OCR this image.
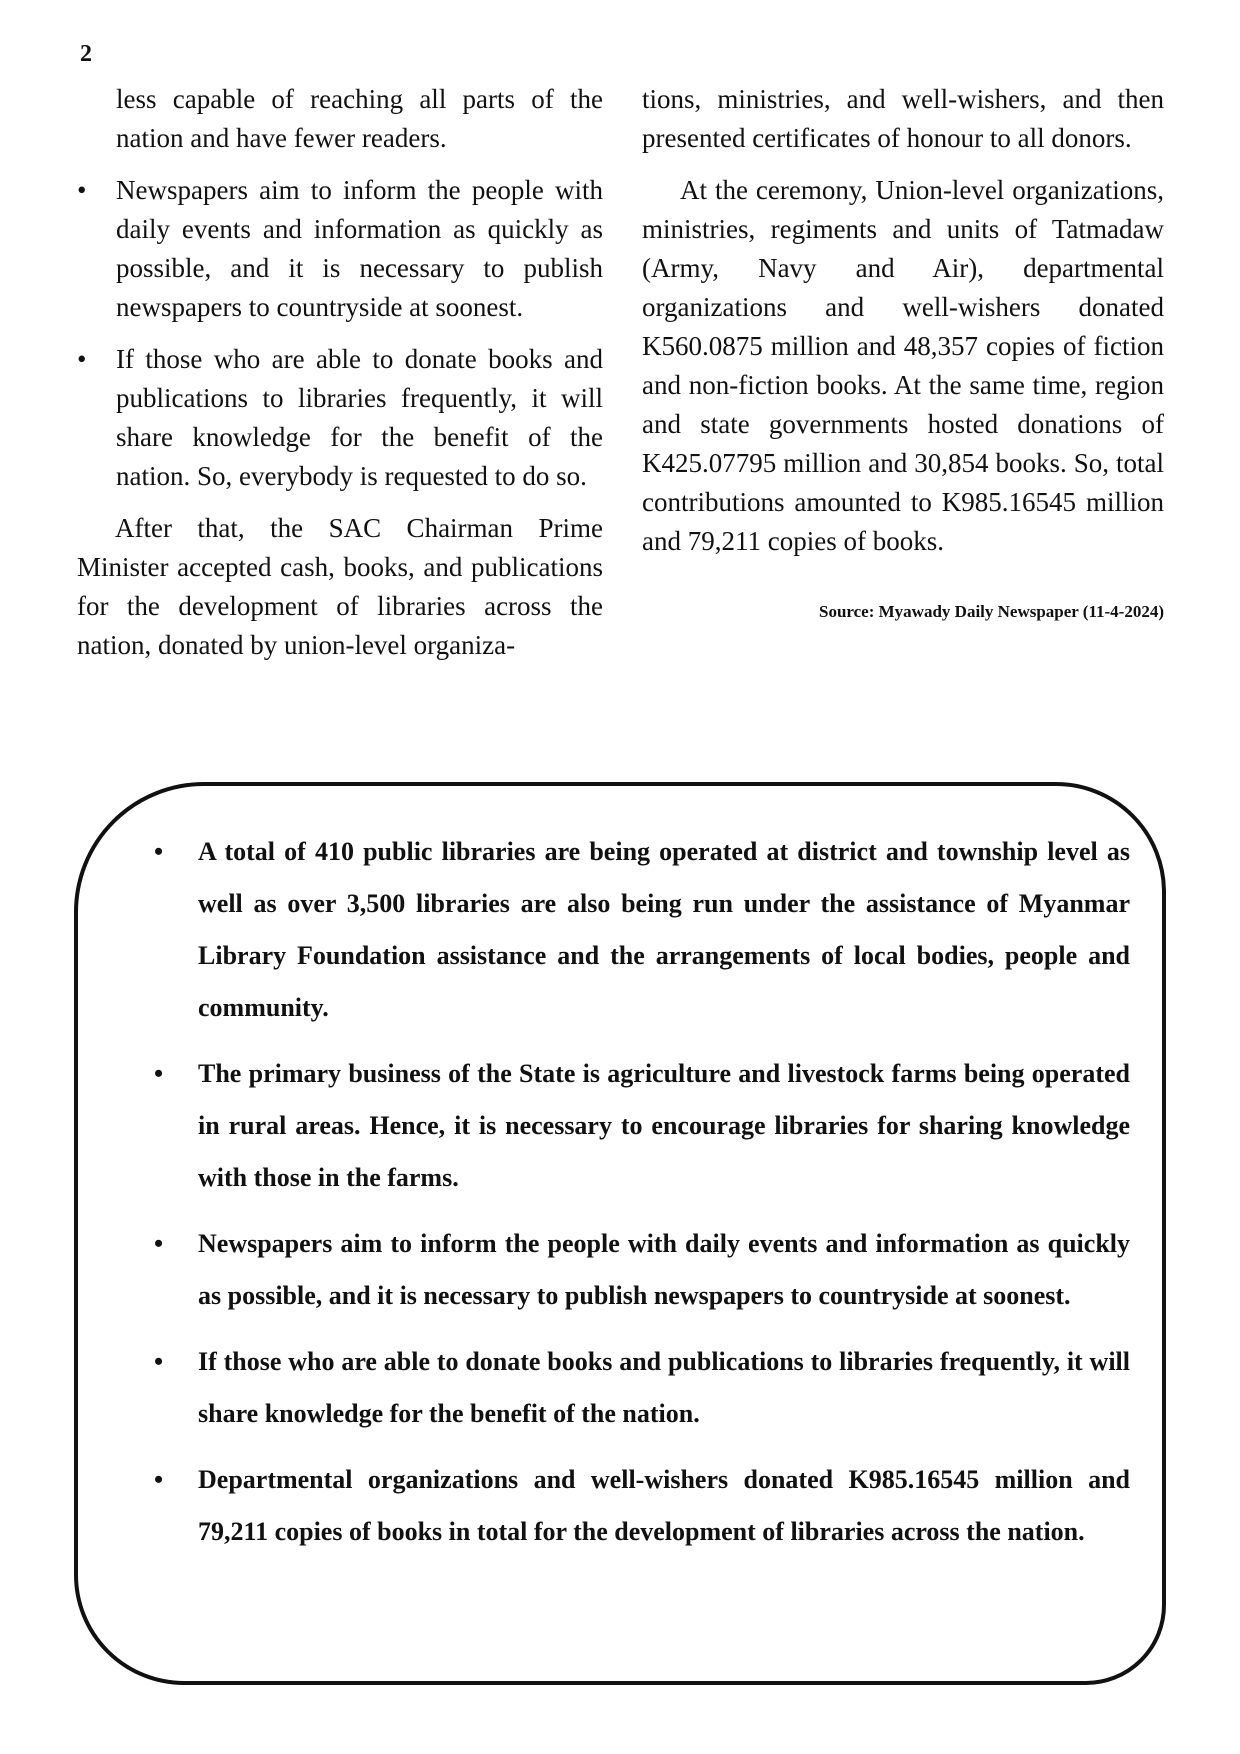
2

less capable of reaching all parts of the nation and have fewer readers.

•	Newspapers aim to inform the people with daily events and information as quickly as possible, and it is necessary to publish newspapers to countryside at soonest.
•	If those who are able to donate books and publications to libraries frequently, it will share knowledge for the benefit of the nation. So, everybody is requested to do so.

After that, the SAC Chairman Prime Minister accepted cash, books, and publications for the development of libraries across the nation, donated by union-level organiza-

tions, ministries, and well-wishers, and then presented certificates of honour to all donors.

At the ceremony, Union-level organizations, ministries, regiments and units of Tatmadaw (Army, Navy and Air), departmental organizations and well-wishers donated K560.0875 million and 48,357 copies of fiction and non-fiction books. At the same time, region and state governments hosted donations of K425.07795 million and 30,854 books. So, total contributions amounted to K985.16545 million and 79,211 copies of books.

Source: Myawady Daily Newspaper (11-4-2024)
• A total of 410 public libraries are being operated at district and township level as well as over 3,500 libraries are also being run under the assistance of Myanmar Library Foundation assistance and the arrangements of local bodies, people and community.
• The primary business of the State is agriculture and livestock farms being operated in rural areas. Hence, it is necessary to encourage libraries for sharing knowledge with those in the farms.
• Newspapers aim to inform the people with daily events and information as quickly as possible, and it is necessary to publish newspapers to countryside at soonest.
• If those who are able to donate books and publications to libraries frequently, it will share knowledge for the benefit of the nation.
• Departmental organizations and well-wishers donated K985.16545 million and 79,211 copies of books in total for the development of libraries across the nation.
